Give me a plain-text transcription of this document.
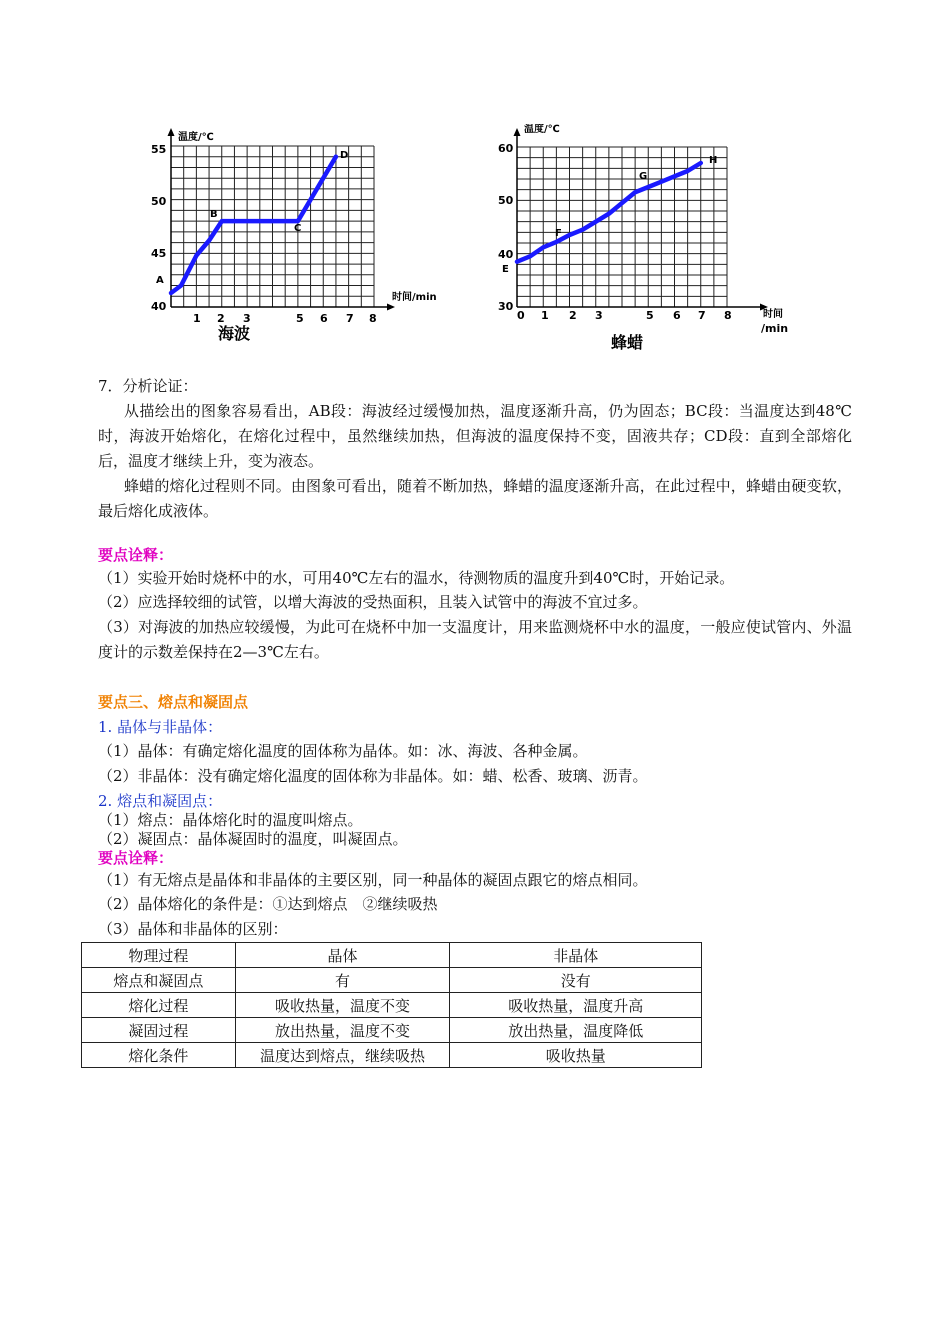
温度/℃
时间/min
55
50
45
40
1 2 3	5 6 7 8
A
B
C
D
海波
温度/℃
时间
/min
60
50
40
30
0 1 2 3	5 6 7 8
E
F
G
H
蜂蜡
7．分析论证：
从描绘出的图象容易看出，AB段：海波经过缓慢加热，温度逐渐升高，仍为固态；BC段：当温度达到48℃时，海波开始熔化，在熔化过程中，虽然继续加热，但海波的温度保持不变，固液共存；CD段：直到全部熔化后，温度才继续上升，变为液态。
蜂蜡的熔化过程则不同。由图象可看出，随着不断加热，蜂蜡的温度逐渐升高，在此过程中，蜂蜡由硬变软，最后熔化成液体。
要点诠释：
（1）实验开始时烧杯中的水，可用40℃左右的温水，待测物质的温度升到40℃时，开始记录。
（2）应选择较细的试管，以增大海波的受热面积，且装入试管中的海波不宜过多。
（3）对海波的加热应较缓慢，为此可在烧杯中加一支温度计，用来监测烧杯中水的温度，一般应使试管内、外温度计的示数差保持在2—3℃左右。
要点三、熔点和凝固点
1. 晶体与非晶体：
（1）晶体：有确定熔化温度的固体称为晶体。如：冰、海波、各种金属。
（2）非晶体：没有确定熔化温度的固体称为非晶体。如：蜡、松香、玻璃、沥青。
2. 熔点和凝固点：
（1）熔点：晶体熔化时的温度叫熔点。
（2）凝固点：晶体凝固时的温度，叫凝固点。
要点诠释：
（1）有无熔点是晶体和非晶体的主要区别，同一种晶体的凝固点跟它的熔点相同。
（2）晶体熔化的条件是：①达到熔点　②继续吸热
（3）晶体和非晶体的区别：
物理过程	晶体	非晶体
熔点和凝固点	有	没有
熔化过程	吸收热量，温度不变	吸收热量，温度升高
凝固过程	放出热量，温度不变	放出热量，温度降低
熔化条件	温度达到熔点，继续吸热	吸收热量
